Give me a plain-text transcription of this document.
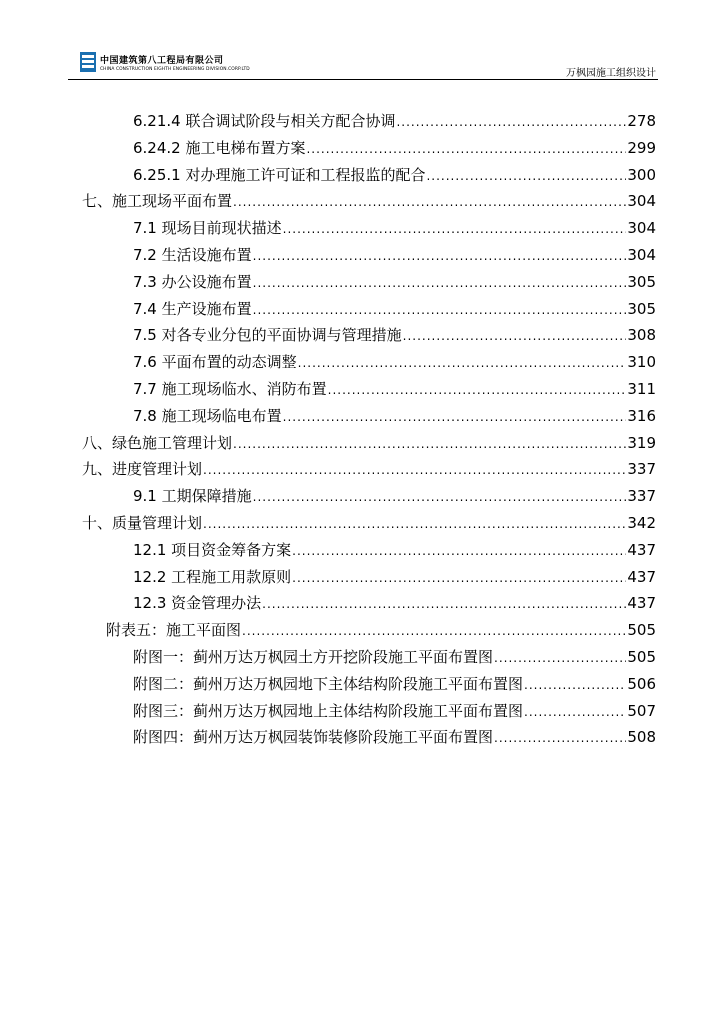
中国建筑第八工程局有限公司
CHINA CONSTRUCTION EIGHTH ENGINEERING DIVISION.CORP.LTD	万枫园施工组织设计
6.21.4 联合调试阶段与相关方配合协调 .....	278
6.24.2 施工电梯布置方案 .....	299
6.25.1 对办理施工许可证和工程报监的配合 .....	300
七、施工现场平面布置 .....	304
7.1 现场目前现状描述 .....	304
7.2 生活设施布置 .....	304
7.3 办公设施布置 .....	305
7.4 生产设施布置 .....	305
7.5 对各专业分包的平面协调与管理措施 .....	308
7.6 平面布置的动态调整 .....	310
7.7 施工现场临水、消防布置 .....	311
7.8 施工现场临电布置 .....	316
八、绿色施工管理计划 .....	319
九、进度管理计划 .....	337
9.1 工期保障措施 .....	337
十、质量管理计划 .....	342
12.1 项目资金筹备方案 .....	437
12.2 工程施工用款原则 .....	437
12.3 资金管理办法 .....	437
附表五：施工平面图 .....	505
附图一：蓟州万达万枫园土方开挖阶段施工平面布置图 .....	505
附图二：蓟州万达万枫园地下主体结构阶段施工平面布置图 .....	506
附图三：蓟州万达万枫园地上主体结构阶段施工平面布置图 .....	507
附图四：蓟州万达万枫园装饰装修阶段施工平面布置图 .....	508
